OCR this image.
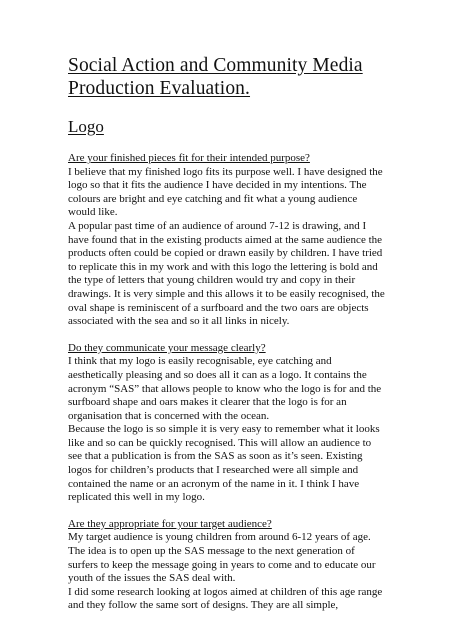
Social Action and Community Media Production Evaluation.
Logo

Are your finished pieces fit for their intended purpose?

I believe that my finished logo fits its purpose well. I have designed the logo so that it fits the audience I have decided in my intentions. The colours are bright and eye catching and fit what a young audience would like.

A popular past time of an audience of around 7-12 is drawing, and I have found that in the existing products aimed at the same audience the products often could be copied or drawn easily by children. I have tried to replicate this in my work and with this logo the lettering is bold and the type of letters that young children would try and copy in their drawings. It is very simple and this allows it to be easily recognised, the oval shape is reminiscent of a surfboard and the two oars are objects associated with the sea and so it all links in nicely.

Do they communicate your message clearly?

I think that my logo is easily recognisable, eye catching and aesthetically pleasing and so does all it can as a logo. It contains the acronym “SAS” that allows people to know who the logo is for and the surfboard shape and oars makes it clearer that the logo is for an organisation that is concerned with the ocean.

Because the logo is so simple it is very easy to remember what it looks like and so can be quickly recognised. This will allow an audience to see that a publication is from the SAS as soon as it’s seen. Existing logos for children’s products that I researched were all simple and contained the name or an acronym of the name in it. I think I have replicated this well in my logo.

Are they appropriate for your target audience?

My target audience is young children from around 6-12 years of age. The idea is to open up the SAS message to the next generation of surfers to keep the message going in years to come and to educate our youth of the issues the SAS deal with.

I did some research looking at logos aimed at children of this age range and they follow the same sort of designs. They are all simple,
